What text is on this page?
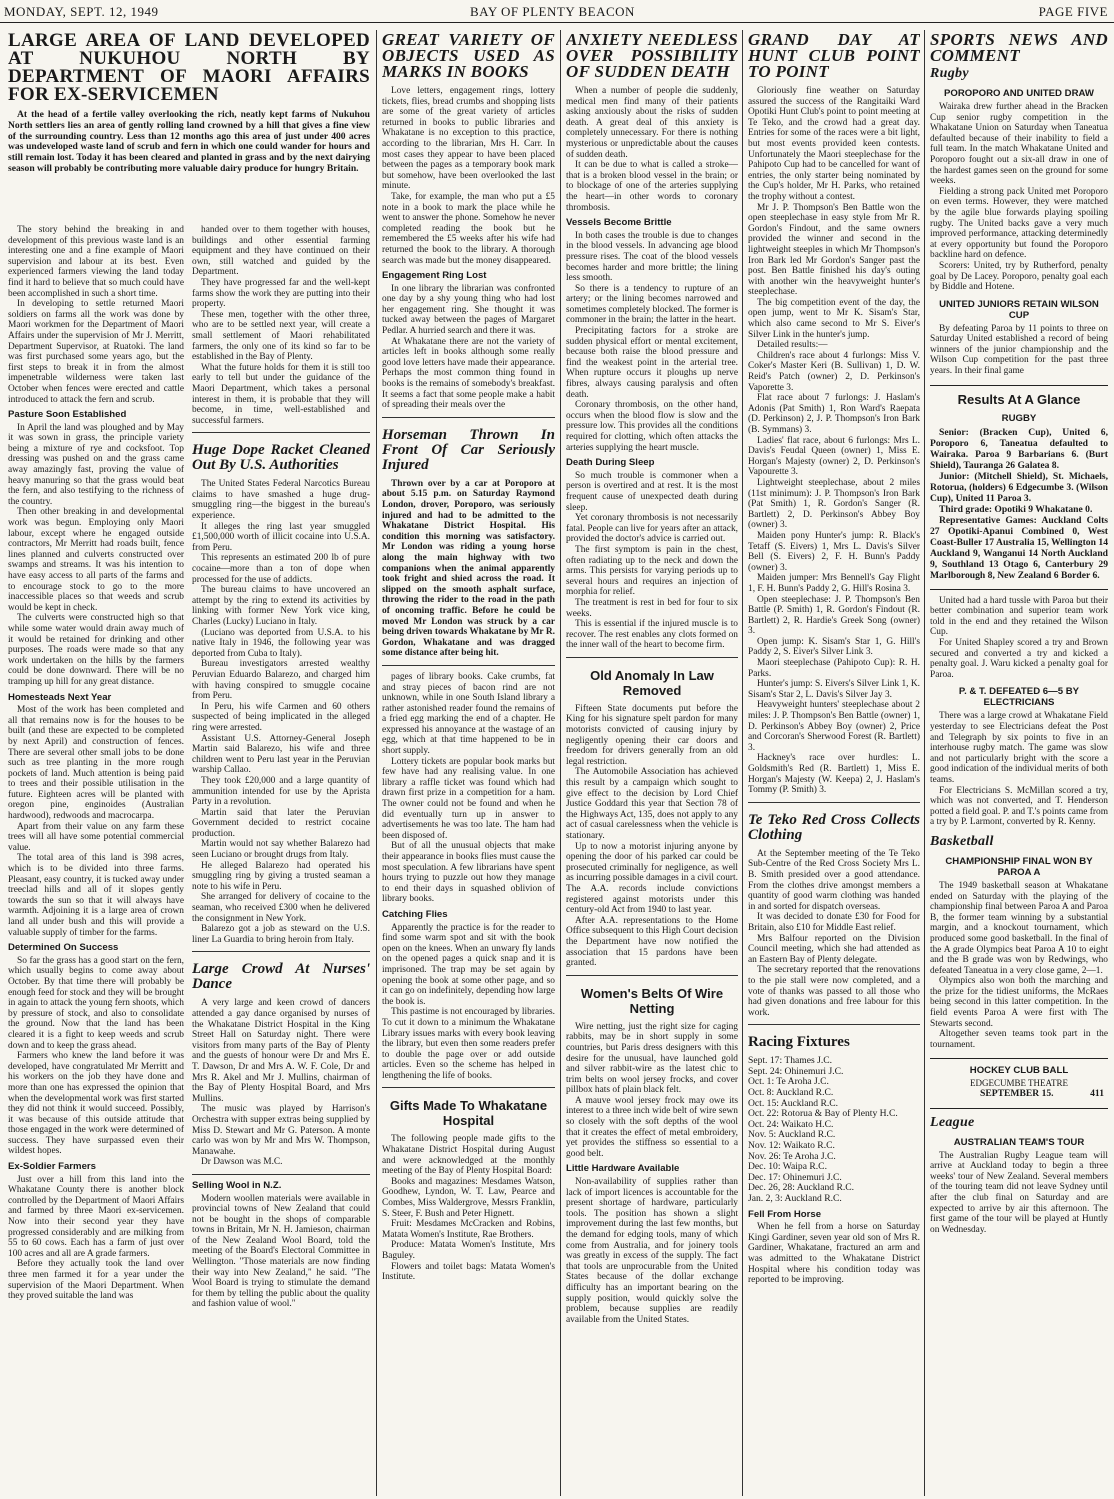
MONDAY, SEPT. 12, 1949	BAY OF PLENTY BEACON	PAGE FIVE
LARGE AREA OF LAND DEVELOPED AT NUKUHOU NORTH BY DEPARTMENT OF MAORI AFFAIRS FOR EX-SERVICEMEN

At the head of a fertile valley overlooking the rich, neatly kept farms of Nukuhou North settlers lies an area of gently rolling land crowned by a hill that gives a fine view of the surrounding country. Less than 12 months ago this area of just under 400 acres was undeveloped waste land of scrub and fern in which one could wander for hours and still remain lost. Today it has been cleared and planted in grass and by the next dairying season will probably be contributing more valuable dairy produce for hungry Britain.

The story behind the breaking in and development of this previous waste land is an interesting one and a fine example of Maori supervision and labour at its best. Even experienced farmers viewing the land today find it hard to believe that so much could have been accomplished in such a short time.

In developing to settle returned Maori soldiers on farms all the work was done by Maori workmen for the Department of Maori Affairs under the supervision of Mr J. Merritt, Department Supervisor, at Ruatoki. The land was first purchased some years ago, but the first steps to break it in from the almost impenetrable wilderness were taken last October when fences were erected and cattle introduced to attack the fern and scrub.

Pasture Soon Established

In April the land was ploughed and by May it was sown in grass, the principle variety being a mixture of rye and cocksfoot. Top dressing was pushed on and the grass came away amazingly fast, proving the value of heavy manuring so that the grass would beat the fern, and also testifying to the richness of the country.

Then other breaking in and developmental work was begun. Employing only Maori labour, except where he engaged outside contractors, Mr Merritt had roads built, fence lines planned and culverts constructed over swamps and streams. It was his intention to have easy access to all parts of the farms and to encourage stock to go to the more inaccessible places so that weeds and scrub would be kept in check.

The culverts were constructed high so that while some water would drain away much of it would be retained for drinking and other purposes. The roads were made so that any work undertaken on the hills by the farmers could be done downward. There will be no tramping up hill for any great distance.

Homesteads Next Year

Most of the work has been completed and all that remains now is for the houses to be built (and these are expected to be completed by next April) and construction of fences. There are several other small jobs to be done such as tree planting in the more rough pockets of land. Much attention is being paid to trees and their possible utilisation in the future. Eighteen acres will be planted with oregon pine, enginoides (Australian hardwood), redwoods and macrocarpa.

Apart from their value on any farm these trees will all have some potential commercial value.

The total area of this land is 398 acres, which is to be divided into three farms. Pleasant, easy country, it is tucked away under treeclad hills and all of it slopes gently towards the sun so that it will always have warmth. Adjoining it is a large area of crown land all under bush and this will provide a valuable supply of timber for the farms.

Determined On Success

So far the grass has a good start on the fern, which usually begins to come away about October. By that time there will probably be enough feed for stock and they will be brought in again to attack the young fern shoots, which by pressure of stock, and also to consolidate the ground. Now that the land has been cleared it is a fight to keep weeds and scrub down and to keep the grass ahead.

Farmers who knew the land before it was developed, have congratulated Mr Merritt and his workers on the job they have done and more than one has expressed the opinion that when the developmental work was first started they did not think it would succeed. Possibly, it was because of this outside attitude that those engaged in the work were determined of success. They have surpassed even their wildest hopes.

Ex-Soldier Farmers

Just over a hill from this land into the Whakatane County there is another block controlled by the Department of Maori Affairs and farmed by three Maori ex-servicemen. Now into their second year they have progressed considerably and are milking from 55 to 60 cows. Each has a farm of just over 100 acres and all are A grade farmers.

Before they actually took the land over three men farmed it for a year under the supervision of the Maori Department. When they proved suitable the land was

handed over to them together with houses, buildings and other essential farming equipment and they have continued on their own, still watched and guided by the Department.

They have progressed far and the well-kept farms show the work they are putting into their property.

These men, together with the other three, who are to be settled next year, will create a small settlement of Maori rehabilitated farmers, the only one of its kind so far to be established in the Bay of Plenty.

What the future holds for them it is still too early to tell but under the guidance of the Maori Department, which takes a personal interest in them, it is probable that they will become, in time, well-established and successful farmers.

Huge Dope Racket Cleaned Out By U.S. Authorities

The United States Federal Narcotics Bureau claims to have smashed a huge drug-smuggling ring—the biggest in the bureau's experience.

It alleges the ring last year smuggled £1,500,000 worth of illicit cocaine into U.S.A. from Peru.

This represents an estimated 200 lb of pure cocaine—more than a ton of dope when processed for the use of addicts.

The bureau claims to have uncovered an attempt by the ring to extend its activities by linking with former New York vice king, Charles (Lucky) Luciano in Italy.

(Luciano was deported from U.S.A. to his native Italy in 1946, the following year was deported from Cuba to Italy).

Bureau investigators arrested wealthy Peruvian Eduardo Balarezo, and charged him with having conspired to smuggle cocaine from Peru.

In Peru, his wife Carmen and 60 others suspected of being implicated in the alleged ring were arrested.

Assistant U.S. Attorney-General Joseph Martin said Balarezo, his wife and three children went to Peru last year in the Peruvian warship Callao.

They took £20,000 and a large quantity of ammunition intended for use by the Aprista Party in a revolution.

Martin said that later the Peruvian Government decided to restrict cocaine production.

Martin would not say whether Balarezo had seen Luciano or brought drugs from Italy.

He alleged Balarezo had operated his smuggling ring by giving a trusted seaman a note to his wife in Peru.

She arranged for delivery of cocaine to the seaman, who received £300 when he delivered the consignment in New York.

Balarezo got a job as steward on the U.S. liner La Guardia to bring heroin from Italy.

Large Crowd At Nurses' Dance

A very large and keen crowd of dancers attended a gay dance organised by nurses of the Whakatane District Hospital in the King Street Hall on Saturday night. There were visitors from many parts of the Bay of Plenty and the guests of honour were Dr and Mrs E. T. Dawson, Dr and Mrs A. W. F. Cole, Dr and Mrs R. Akel and Mr J. Mullins, chairman of the Bay of Plenty Hospital Board, and Mrs Mullins.

The music was played by Harrison's Orchestra with supper extras being supplied by Miss D. Stewart and Mr G. Paterson. A monte carlo was won by Mr and Mrs W. Thompson, Manawahe.

Dr Dawson was M.C.

Selling Wool in N.Z.

Modern woollen materials were available in provincial towns of New Zealand that could not be bought in the shops of comparable towns in Britain, Mr N. H. Jamieson, chairman of the New Zealand Wool Board, told the meeting of the Board's Electoral Committee in Wellington. "Those materials are now finding their way into New Zealand," he said. "The Wool Board is trying to stimulate the demand for them by telling the public about the quality and fashion value of wool."

GREAT VARIETY OF OBJECTS USED AS MARKS IN BOOKS

Love letters, engagement rings, lottery tickets, flies, bread crumbs and shopping lists are some of the great variety of articles returned in books to public libraries and Whakatane is no exception to this practice, according to the librarian, Mrs H. Carr. In most cases they appear to have been placed between the pages as a temporary book mark but somehow, have been overlooked the last minute.

Take, for example, the man who put a £5 note in a book to mark the place while he went to answer the phone. Somehow he never completed reading the book but he remembered the £5 weeks after his wife had returned the book to the library. A thorough search was made but the money disappeared.

Engagement Ring Lost

In one library the librarian was confronted one day by a shy young thing who had lost her engagement ring. She thought it was tucked away between the pages of Margaret Pedlar. A hurried search and there it was.

At Whakatane there are not the variety of articles left in books although some really good love letters have made their appearance. Perhaps the most common thing found in books is the remains of somebody's breakfast. It seems a fact that some people make a habit of spreading their meals over the

Horseman Thrown In Front Of Car Seriously Injured

Thrown over by a car at Poroporo at about 5.15 p.m. on Saturday Raymond London, drover, Poroporo, was seriously injured and had to be admitted to the Whakatane District Hospital. His condition this morning was satisfactory. Mr London was riding a young horse along the main highway with two companions when the animal apparently took fright and shied across the road. It slipped on the smooth asphalt surface, throwing the rider to the road in the path of oncoming traffic. Before he could be moved Mr London was struck by a car being driven towards Whakatane by Mr R. Gordon, Whakatane and was dragged some distance after being hit.

pages of library books. Cake crumbs, fat and stray pieces of bacon rind are not unknown, while in one South Island library a rather astonished reader found the remains of a fried egg marking the end of a chapter. He expressed his annoyance at the wastage of an egg, which at that time happened to be in short supply.

Lottery tickets are popular book marks but few have had any realising value. In one library a raffle ticket was found which had drawn first prize in a competition for a ham. The owner could not be found and when he did eventually turn up in answer to advertisements he was too late. The ham had been disposed of.

But of all the unusual objects that make their appearance in books flies must cause the most speculation. A few librarians have spent hours trying to puzzle out how they manage to end their days in squashed oblivion of library books.

Catching Flies

Apparently the practice is for the reader to find some warm spot and sit with the book open on the knees. When an unwary fly lands on the opened pages a quick snap and it is imprisoned. The trap may be set again by opening the book at some other page, and so it can go on indefinitely, depending how large the book is.

This pastime is not encouraged by libraries. To cut it down to a minimum the Whakatane Library issues marks with every book leaving the library, but even then some readers prefer to double the page over or add outside articles. Even so the scheme has helped in lengthening the life of books.

Gifts Made To Whakatane Hospital

The following people made gifts to the Whakatane District Hospital during August and were acknowledged at the monthly meeting of the Bay of Plenty Hospital Board:

Books and magazines: Mesdames Watson, Goodhew, Lyndon, W. T. Law, Pearce and Combes, Miss Waldergrove, Messrs Franklin, S. Steer, F. Bush and Peter Hignett.

Fruit: Mesdames McCracken and Robins, Matata Women's Institute, Rae Brothers.

Produce: Matata Women's Institute, Mrs Baguley.

Flowers and toilet bags: Matata Women's Institute.

ANXIETY NEEDLESS OVER POSSIBILITY OF SUDDEN DEATH

When a number of people die suddenly, medical men find many of their patients asking anxiously about the risks of sudden death. A great deal of this anxiety is completely unnecessary. For there is nothing mysterious or unpredictable about the causes of sudden death.

It can be due to what is called a stroke—that is a broken blood vessel in the brain; or to blockage of one of the arteries supplying the heart—in other words to coronary thrombosis.

Vessels Become Brittle

In both cases the trouble is due to changes in the blood vessels. In advancing age blood pressure rises. The coat of the blood vessels becomes harder and more brittle; the lining less smooth.

So there is a tendency to rupture of an artery; or the lining becomes narrowed and sometimes completely blocked. The former is commoner in the brain; the latter in the heart.

Precipitating factors for a stroke are sudden physical effort or mental excitement, because both raise the blood pressure and find the weakest point in the arterial tree. When rupture occurs it ploughs up nerve fibres, always causing paralysis and often death.

Coronary thrombosis, on the other hand, occurs when the blood flow is slow and the pressure low. This provides all the conditions required for clotting, which often attacks the arteries supplying the heart muscle.

Death During Sleep

So much trouble is commoner when a person is overtired and at rest. It is the most frequent cause of unexpected death during sleep.

Yet coronary thrombosis is not necessarily fatal. People can live for years after an attack, provided the doctor's advice is carried out.

The first symptom is pain in the chest, often radiating up to the neck and down the arms. This persists for varying periods up to several hours and requires an injection of morphia for relief.

The treatment is rest in bed for four to six weeks.

This is essential if the injured muscle is to recover. The rest enables any clots formed on the inner wall of the heart to become firm.

Old Anomaly In Law Removed

Fifteen State documents put before the King for his signature spelt pardon for many motorists convicted of causing injury by negligently opening their car doors and freedom for drivers generally from an old legal restriction.

The Automobile Association has achieved this result by a campaign which sought to give effect to the decision by Lord Chief Justice Goddard this year that Section 78 of the Highways Act, 135, does not apply to any act of casual carelessness when the vehicle is stationary.

Up to now a motorist injuring anyone by opening the door of his parked car could be prosecuted criminally for negligence, as well as incurring possible damages in a civil court. The A.A. records include convictions registered against motorists under this century-old Act from 1940 to last year.

After A.A. representations to the Home Office subsequent to this High Court decision the Department have now notified the association that 15 pardons have been granted.

Women's Belts Of Wire Netting

Wire netting, just the right size for caging rabbits, may be in short supply in some countries, but Paris dress designers with this desire for the unusual, have launched gold and silver rabbit-wire as the latest chic to trim belts on wool jersey frocks, and cover pillbox hats of plain black felt.

A mauve wool jersey frock may owe its interest to a three inch wide belt of wire sewn so closely with the soft depths of the wool that it creates the effect of metal embroidery, yet provides the stiffness so essential to a good belt.

Little Hardware Available

Non-availability of supplies rather than lack of import licences is accountable for the present shortage of hardware, particularly tools. The position has shown a slight improvement during the last few months, but the demand for edging tools, many of which come from Australia, and for joinery tools was greatly in excess of the supply. The fact that tools are unprocurable from the United States because of the dollar exchange difficulty has an important bearing on the supply position, would quickly solve the problem, because supplies are readily available from the United States.

GRAND DAY AT HUNT CLUB POINT TO POINT

Gloriously fine weather on Saturday assured the success of the Rangitaiki Ward Opotiki Hunt Club's point to point meeting at Te Teko, and the crowd had a great day. Entries for some of the races were a bit light, but most events provided keen contests. Unfortunately the Maori steeplechase for the Pahipoto Cup had to be cancelled for want of entries, the only starter being nominated by the Cup's holder, Mr H. Parks, who retained the trophy without a contest.

Mr J. P. Thompson's Ben Battle won the open steeplechase in easy style from Mr R. Gordon's Findout, and the same owners provided the winner and second in the lightweight steeples in which Mr Thompson's Iron Bark led Mr Gordon's Sanger past the post. Ben Battle finished his day's outing with another win the heavyweight hunter's steeplechase.

The big competition event of the day, the open jump, went to Mr K. Sisam's Star, which also came second to Mr S. Eiver's Silver Link in the hunter's jump.

Detailed results:—

Children's race about 4 furlongs: Miss V. Coker's Master Keri (B. Sullivan) 1, D. W. Reid's Patch (owner) 2, D. Perkinson's Vaporette 3.

Flat race about 7 furlongs: J. Haslam's Adonis (Pat Smith) 1, Ron Ward's Raepata (D. Perkinson) 2, J. P. Thompson's Iron Bark (B. Symmans) 3.

Ladies' flat race, about 6 furlongs: Mrs L. Davis's Feudal Queen (owner) 1, Miss E. Horgan's Majesty (owner) 2, D. Perkinson's Vapourette 3.

Lightweight steeplechase, about 2 miles (11st minimum): J. P. Thompson's Iron Bark (Pat Smith) 1, R. Gordon's Sanger (R. Bartlett) 2, D. Perkinson's Abbey Boy (owner) 3.

Maiden pony Hunter's jump: R. Black's Tetaff (S. Eivers) 1, Mrs L. Davis's Silver Bell (S. Eivers) 2, F. H. Bunn's Paddy (owner) 3.

Maiden jumper: Mrs Bennell's Gay Flight 1, F. H. Bunn's Paddy 2, G. Hill's Rosina 3.

Open steeplechase: J. P. Thompson's Ben Battle (P. Smith) 1, R. Gordon's Findout (R. Bartlett) 2, R. Hardie's Greek Song (owner) 3.

Open jump: K. Sisam's Star 1, G. Hill's Paddy 2, S. Eiver's Silver Link 3.

Maori steeplechase (Pahipoto Cup): R. H. Parks.

Hunter's jump: S. Eivers's Silver Link 1, K. Sisam's Star 2, L. Davis's Silver Jay 3.

Heavyweight hunters' steeplechase about 2 miles: J. P. Thompson's Ben Battle (owner) 1, D. Perkinson's Abbey Boy (owner) 2, Price and Corcoran's Sherwood Forest (R. Bartlett) 3.

Hackney's race over hurdles: L. Goldsmith's Red (R. Bartlett) 1, Miss E. Horgan's Majesty (W. Keepa) 2, J. Haslam's Tommy (P. Smith) 3.

Te Teko Red Cross Collects Clothing

At the September meeting of the Te Teko Sub-Centre of the Red Cross Society Mrs L. B. Smith presided over a good attendance. From the clothes drive amongst members a quantity of good warm clothing was handed in and sorted for dispatch overseas.

It was decided to donate £30 for Food for Britain, also £10 for Middle East relief.

Mrs Balfour reported on the Division Council meeting, which she had attended as an Eastern Bay of Plenty delegate.

The secretary reported that the renovations to the pie stall were now completed, and a vote of thanks was passed to all those who had given donations and free labour for this work.

Racing Fixtures
Sept. 17: Thames J.C.
Sept. 24: Ohinemuri J.C.
Oct. 1: Te Aroha J.C.
Oct. 8: Auckland R.C.
Oct. 15: Auckland R.C.
Oct. 22: Rotorua & Bay of Plenty H.C.
Oct. 24: Waikato H.C.
Nov. 5: Auckland R.C.
Nov. 12: Waikato R.C.
Nov. 26: Te Aroha J.C.
Dec. 10: Waipa R.C.
Dec. 17: Ohinemuri J.C.
Dec. 26, 28: Auckland R.C.
Jan. 2, 3: Auckland R.C.
Fell From Horse

When he fell from a horse on Saturday Kingi Gardiner, seven year old son of Mrs R. Gardiner, Whakatane, fractured an arm and was admitted to the Whakatane District Hospital where his condition today was reported to be improving.

SPORTS NEWS AND COMMENT
Rugby
POROPORO AND UNITED DRAW

Wairaka drew further ahead in the Bracken Cup senior rugby competition in the Whakatane Union on Saturday when Taneatua defaulted because of their inability to field a full team. In the match Whakatane United and Poroporo fought out a six-all draw in one of the hardest games seen on the ground for some weeks.

Fielding a strong pack United met Poroporo on even terms. However, they were matched by the agile blue forwards playing spoiling rugby. The United backs gave a very much improved performance, attacking determinedly at every opportunity but found the Poroporo backline hard on defence.

Scorers: United, try by Rutherford, penalty goal by De Lacey. Poroporo, penalty goal each by Biddle and Hotene.

UNITED JUNIORS RETAIN WILSON CUP

By defeating Paroa by 11 points to three on Saturday United established a record of being winners of the junior championship and the Wilson Cup competition for the past three years. In their final game

Results At A Glance
RUGBY

Senior: (Bracken Cup), United 6, Poroporo 6, Taneatua defaulted to Wairaka. Paroa 9 Barbarians 6. (Burt Shield), Tauranga 26 Galatea 8.

Junior: (Mitchell Shield), St. Michaels, Rotorua, (holders) 6 Edgecumbe 3. (Wilson Cup), United 11 Paroa 3.

Third grade: Opotiki 9 Whakatane 0.

Representative Games: Auckland Colts 27 Opotiki-Apanui Combined 0, West Coast-Buller 17 Australia 15, Wellington 14 Auckland 9, Wanganui 14 North Auckland 9, Southland 13 Otago 6, Canterbury 29 Marlborough 8, New Zealand 6 Border 6.

United had a hard tussle with Paroa but their better combination and superior team work told in the end and they retained the Wilson Cup.

For United Shapley scored a try and Brown secured and converted a try and kicked a penalty goal. J. Waru kicked a penalty goal for Paroa.

P. & T. DEFEATED 6—5 BY ELECTRICIANS

There was a large crowd at Whakatane Field yesterday to see Electricians defeat the Post and Telegraph by six points to five in an interhouse rugby match. The game was slow and not particularly bright with the score a good indication of the individual merits of both teams.

For Electricians S. McMillan scored a try, which was not converted, and T. Henderson potted a field goal. P. and T.'s points came from a try by P. Larmont, converted by R. Kenny.

Basketball
CHAMPIONSHIP FINAL WON BY PAROA A

The 1949 basketball season at Whakatane ended on Saturday with the playing of the championship final between Paroa A and Paroa B, the former team winning by a substantial margin, and a knockout tournament, which produced some good basketball. In the final of the A grade Olympics beat Paroa A 10 to eight and the B grade was won by Redwings, who defeated Taneatua in a very close game, 2—1.

Olympics also won both the marching and the prize for the tidiest uniforms, the McRaes being second in this latter competition. In the field events Paroa A were first with The Stewarts second.

Altogether seven teams took part in the tournament.

HOCKEY CLUB BALL
EDGECUMBE THEATRE
SEPTEMBER 15.	411
League
AUSTRALIAN TEAM'S TOUR

The Australian Rugby League team will arrive at Auckland today to begin a three weeks' tour of New Zealand. Several members of the touring team did not leave Sydney until after the club final on Saturday and are expected to arrive by air this afternoon. The first game of the tour will be played at Huntly on Wednesday.
